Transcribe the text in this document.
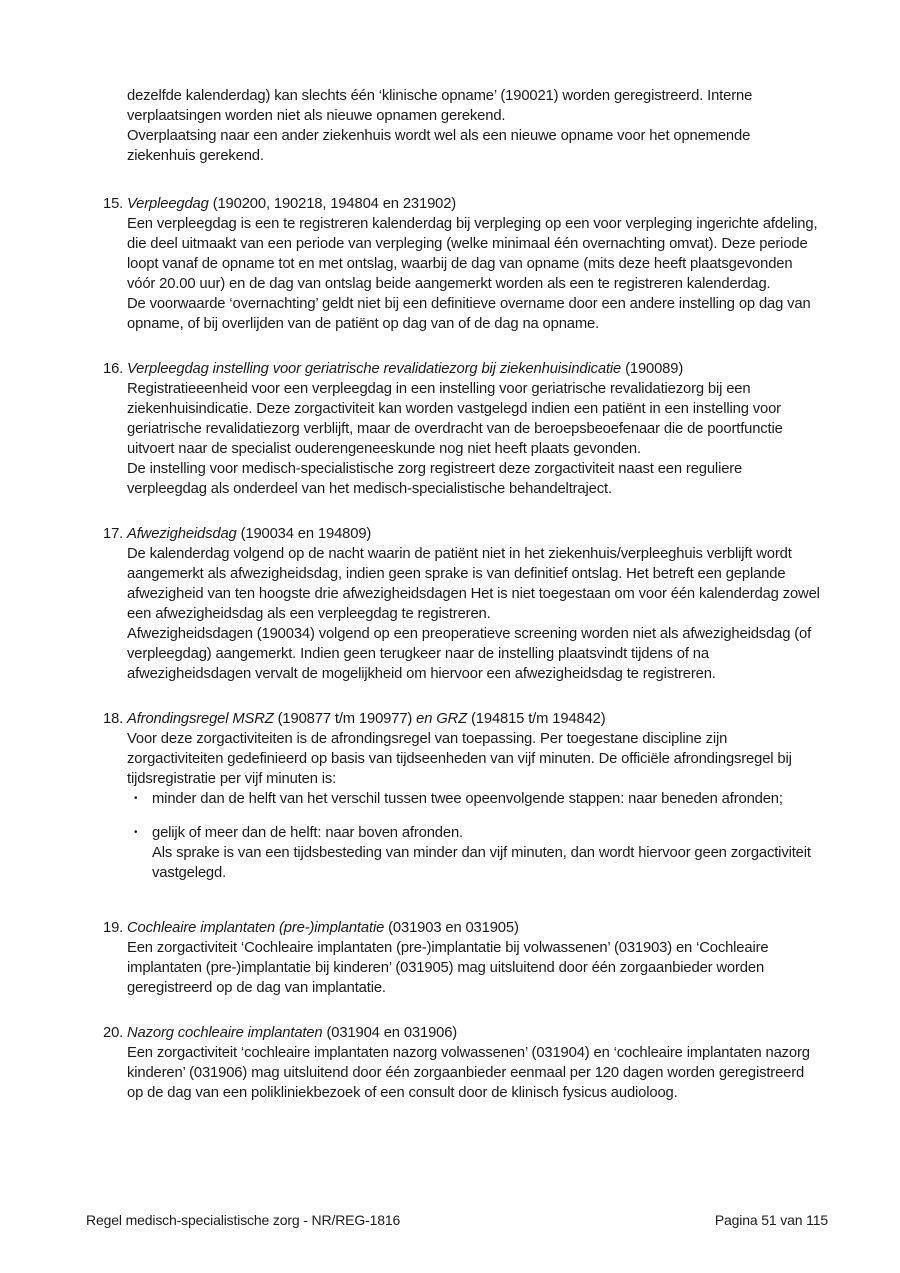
dezelfde kalenderdag) kan slechts één ‘klinische opname’ (190021) worden geregistreerd. Interne verplaatsingen worden niet als nieuwe opnamen gerekend.

Overplaatsing naar een ander ziekenhuis wordt wel als een nieuwe opname voor het opnemende ziekenhuis gerekend.

15. Verpleegdag (190200, 190218, 194804 en 231902)

Een verpleegdag is een te registreren kalenderdag bij verpleging op een voor verpleging ingerichte afdeling, die deel uitmaakt van een periode van verpleging (welke minimaal één overnachting omvat). Deze periode loopt vanaf de opname tot en met ontslag, waarbij de dag van opname (mits deze heeft plaatsgevonden vóór 20.00 uur) en de dag van ontslag beide aangemerkt worden als een te registreren kalenderdag.

De voorwaarde ‘overnachting’ geldt niet bij een definitieve overname door een andere instelling op dag van opname, of bij overlijden van de patiënt op dag van of de dag na opname.

16. Verpleegdag instelling voor geriatrische revalidatiezorg bij ziekenhuisindicatie (190089)

Registratieeenheid voor een verpleegdag in een instelling voor geriatrische revalidatiezorg bij een ziekenhuisindicatie. Deze zorgactiviteit kan worden vastgelegd indien een patiënt in een instelling voor geriatrische revalidatiezorg verblijft, maar de overdracht van de beroepsbeoefenaar die de poortfunctie uitvoert naar de specialist ouderengeneeskunde nog niet heeft plaats gevonden.

De instelling voor medisch-specialistische zorg registreert deze zorgactiviteit naast een reguliere verpleegdag als onderdeel van het medisch-specialistische behandeltraject.

17. Afwezigheidsdag (190034 en 194809)

De kalenderdag volgend op de nacht waarin de patiënt niet in het ziekenhuis/verpleeghuis verblijft wordt aangemerkt als afwezigheidsdag, indien geen sprake is van definitief ontslag. Het betreft een geplande afwezigheid van ten hoogste drie afwezigheidsdagen Het is niet toegestaan om voor één kalenderdag zowel een afwezigheidsdag als een verpleegdag te registreren.

Afwezigheidsdagen (190034) volgend op een preoperatieve screening worden niet als afwezigheidsdag (of verpleegdag) aangemerkt. Indien geen terugkeer naar de instelling plaatsvindt tijdens of na afwezigheidsdagen vervalt de mogelijkheid om hiervoor een afwezigheidsdag te registreren.

18. Afrondingsregel MSRZ (190877 t/m 190977) en GRZ (194815 t/m 194842)

Voor deze zorgactiviteiten is de afrondingsregel van toepassing. Per toegestane discipline zijn zorgactiviteiten gedefinieerd op basis van tijdseenheden van vijf minuten. De officiële afrondingsregel bij tijdsregistratie per vijf minuten is:

• minder dan de helft van het verschil tussen twee opeenvolgende stappen: naar beneden afronden;

• gelijk of meer dan de helft: naar boven afronden.

Als sprake is van een tijdsbesteding van minder dan vijf minuten, dan wordt hiervoor geen zorgactiviteit vastgelegd.

19. Cochleaire implantaten (pre-)implantatie (031903 en 031905)

Een zorgactiviteit ‘Cochleaire implantaten (pre-)implantatie bij volwassenen’ (031903) en ‘Cochleaire implantaten (pre-)implantatie bij kinderen’ (031905) mag uitsluitend door één zorgaanbieder worden geregistreerd op de dag van implantatie.

20. Nazorg cochleaire implantaten (031904 en 031906)

Een zorgactiviteit ‘cochleaire implantaten nazorg volwassenen’ (031904) en ‘cochleaire implantaten nazorg kinderen’ (031906) mag uitsluitend door één zorgaanbieder eenmaal per 120 dagen worden geregistreerd op de dag van een polikliniekbezoek of een consult door de klinisch fysicus audioloog.

Regel medisch-specialistische zorg - NR/REG-1816	Pagina 51 van 115
